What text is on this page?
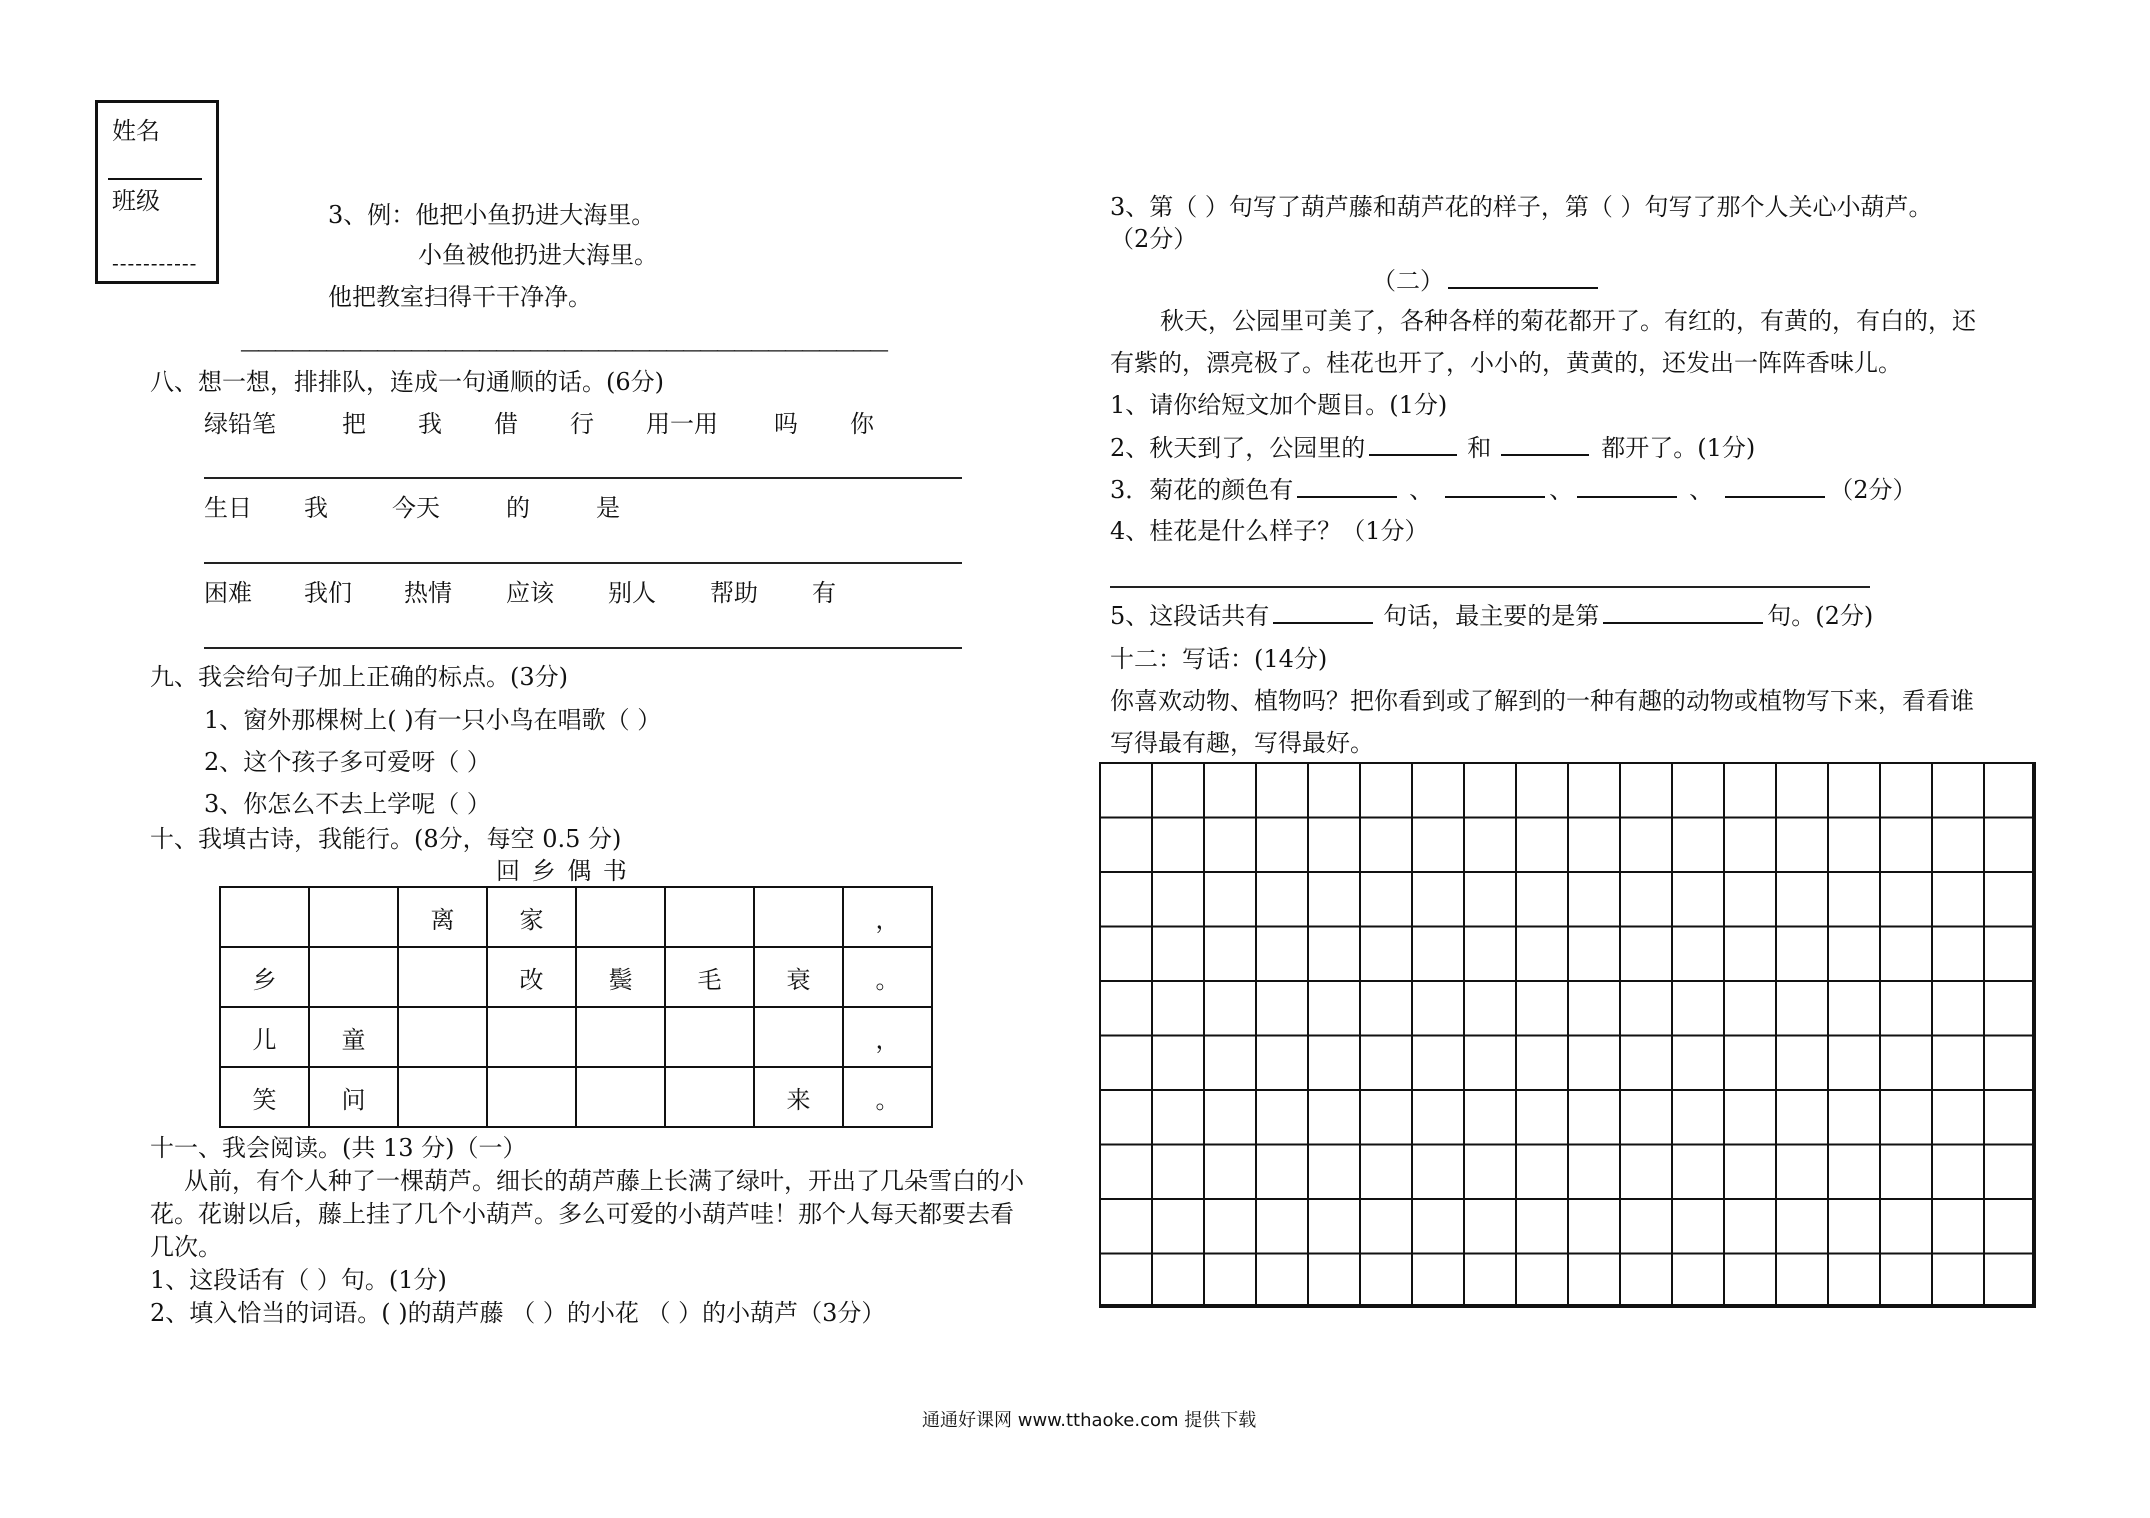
姓名
班级
-----------
3、例：他把小鱼扔进大海里。
小鱼被他扔进大海里。
他把教室扫得干干净净。
——————————————————————————————————————
八、想一想，排排队，连成一句通顺的话。(6分)
绿铅笔	把 我 借 行 用一用 吗 你
生日 我	今天	的	是
困难 我们 热情 应该 别人 帮助 有
九、我会给句子加上正确的标点。(3分)
1、窗外那棵树上( )有一只小鸟在唱歌（ ）
2、这个孩子多可爱呀（ ）
3、你怎么不去上学呢（ ）
十、我填古诗，我能行。(8分，每空 0.5 分)
回 乡 偶 书
		离	家				，
乡			改	鬓	毛	衰	。
儿	童						，
笑	问					来	。
十一、我会阅读。(共 13 分)（一）
从前，有个人种了一棵葫芦。细长的葫芦藤上长满了绿叶，开出了几朵雪白的小
花。花谢以后，藤上挂了几个小葫芦。多么可爱的小葫芦哇！那个人每天都要去看
几次。
1、这段话有（ ）句。(1分)
2、填入恰当的词语。( )的葫芦藤 （ ）的小花 （ ）的小葫芦（3分）
3、第（ ）句写了葫芦藤和葫芦花的样子，第（ ）句写了那个人关心小葫芦。
（2分）
（二）
秋天，公园里可美了，各种各样的菊花都开了。有红的，有黄的，有白的，还
有紫的，漂亮极了。桂花也开了，小小的，黄黄的，还发出一阵阵香味儿。
1、请你给短文加个题目。(1分)
2、秋天到了，公园里的	和	都开了。(1分)
3．菊花的颜色有	、	、	、	（2分）
4、桂花是什么样子？（1分）
5、这段话共有	句话，最主要的是第	句。(2分)
十二：写话：(14分)
你喜欢动物、植物吗？把你看到或了解到的一种有趣的动物或植物写下来，看看谁
写得最有趣，写得最好。
通通好课网 www.tthaoke.com 提供下载
